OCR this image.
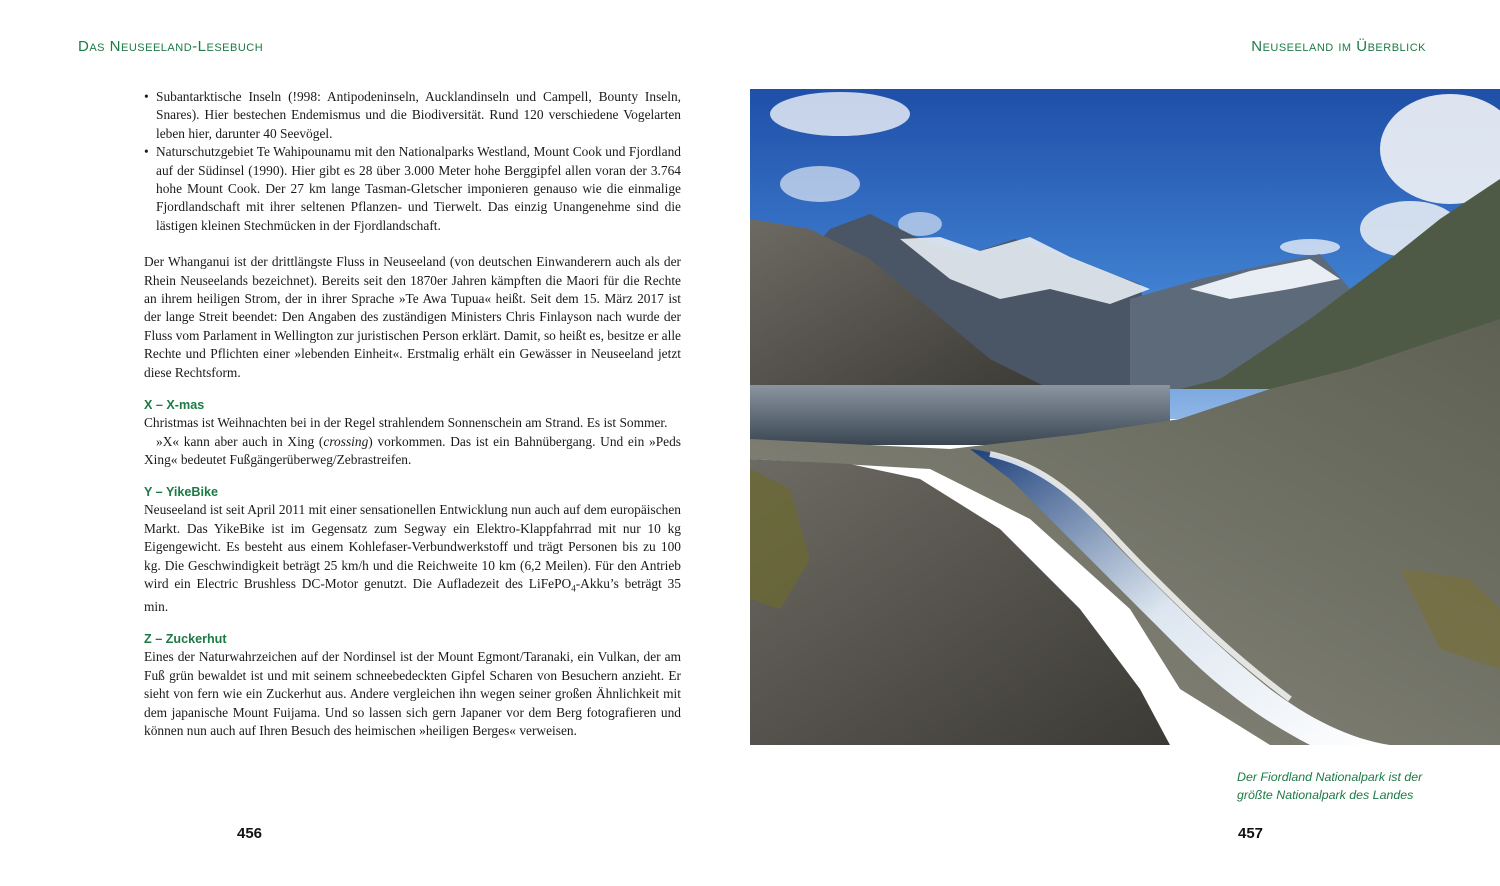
Das Neuseeland-Lesebuch	Neuseeland im Überblick
• Subantarktische Inseln (!998: Antipodeninseln, Aucklandinseln und Campell, Bounty Inseln, Snares). Hier bestechen Endemismus und die Biodiversität. Rund 120 verschiedene Vogelarten leben hier, darunter 40 Seevögel.
• Naturschutzgebiet Te Wahipounamu mit den Nationalparks Westland, Mount Cook und Fjordland auf der Südinsel (1990). Hier gibt es 28 über 3.000 Meter hohe Berggipfel allen voran der 3.764 hohe Mount Cook. Der 27 km lange Tasman-Gletscher imponieren genauso wie die einmalige Fjordlandschaft mit ihrer seltenen Pflanzen- und Tierwelt. Das einzig Unangenehme sind die lästigen kleinen Stechmücken in der Fjordlandschaft.

Der Whanganui ist der drittlängste Fluss in Neuseeland (von deutschen Einwanderern auch als der Rhein Neuseelands bezeichnet). Bereits seit den 1870er Jahren kämpften die Maori für die Rechte an ihrem heiligen Strom, der in ihrer Sprache »Te Awa Tupua« heißt. Seit dem 15. März 2017 ist der lange Streit beendet: Den Angaben des zuständigen Ministers Chris Finlayson nach wurde der Fluss vom Parlament in Wellington zur juristischen Person erklärt. Damit, so heißt es, besitze er alle Rechte und Pflichten einer »lebenden Einheit«. Erstmalig erhält ein Gewässer in Neuseeland jetzt diese Rechtsform.

X – X-mas

Christmas ist Weihnachten bei in der Regel strahlendem Sonnenschein am Strand. Es ist Sommer.

»X« kann aber auch in Xing (crossing) vorkommen. Das ist ein Bahnübergang. Und ein »Peds Xing« bedeutet Fußgängerüberweg/Zebrastreifen.

Y – YikeBike

Neuseeland ist seit April 2011 mit einer sensationellen Entwicklung nun auch auf dem europäischen Markt. Das YikeBike ist im Gegensatz zum Segway ein Elektro-Klappfahrrad mit nur 10 kg Eigengewicht. Es besteht aus einem Kohlefaser-Verbundwerkstoff und trägt Personen bis zu 100 kg. Die Geschwindigkeit beträgt 25 km/h und die Reichweite 10 km (6,2 Meilen). Für den Antrieb wird ein Electric Brushless DC-Motor genutzt. Die Aufladezeit des LiFePO$_4$-Akku’s beträgt 35 min.

Z – Zuckerhut

Eines der Naturwahrzeichen auf der Nordinsel ist der Mount Egmont/Taranaki, ein Vulkan, der am Fuß grün bewaldet ist und mit seinem schneebedeckten Gipfel Scharen von Besuchern anzieht. Er sieht von fern wie ein Zuckerhut aus. Andere vergleichen ihn wegen seiner großen Ähnlichkeit mit dem japanische Mount Fuijama. Und so lassen sich gern Japaner vor dem Berg fotografieren und können nun auch auf Ihren Besuch des heimischen »heiligen Berges« verweisen.

456
Der Fiordland Nationalpark ist der größte Nationalpark des Landes
457
